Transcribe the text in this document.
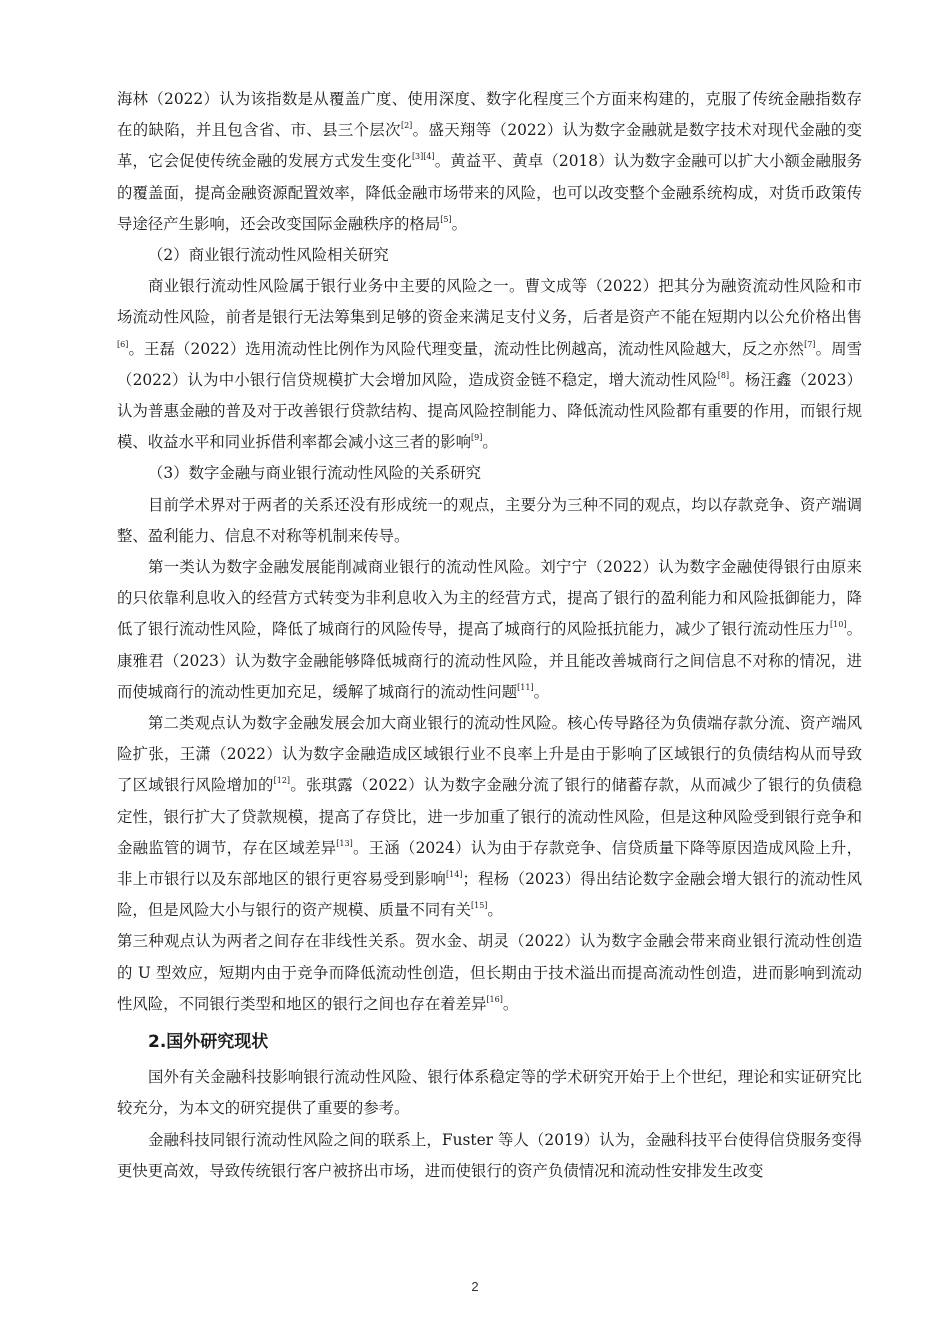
海林（2022）认为该指数是从覆盖广度、使用深度、数字化程度三个方面来构建的，克服了传统金融指数存在的缺陷，并且包含省、市、县三个层次[2]。盛天翔等（2022）认为数字金融就是数字技术对现代金融的变革，它会促使传统金融的发展方式发生变化[3][4]。黄益平、黄卓（2018）认为数字金融可以扩大小额金融服务的覆盖面，提高金融资源配置效率，降低金融市场带来的风险，也可以改变整个金融系统构成，对货币政策传导途径产生影响，还会改变国际金融秩序的格局[5]。

（2）商业银行流动性风险相关研究

商业银行流动性风险属于银行业务中主要的风险之一。曹文成等（2022）把其分为融资流动性风险和市场流动性风险，前者是银行无法筹集到足够的资金来满足支付义务，后者是资产不能在短期内以公允价格出售[6]。王磊（2022）选用流动性比例作为风险代理变量，流动性比例越高，流动性风险越大，反之亦然[7]。周雪（2022）认为中小银行信贷规模扩大会增加风险，造成资金链不稳定，增大流动性风险[8]。杨汪鑫（2023）认为普惠金融的普及对于改善银行贷款结构、提高风险控制能力、降低流动性风险都有重要的作用，而银行规模、收益水平和同业拆借利率都会减小这三者的影响[9]。

（3）数字金融与商业银行流动性风险的关系研究

目前学术界对于两者的关系还没有形成统一的观点，主要分为三种不同的观点，均以存款竞争、资产端调整、盈利能力、信息不对称等机制来传导。

第一类认为数字金融发展能削减商业银行的流动性风险。刘宁宁（2022）认为数字金融使得银行由原来的只依靠利息收入的经营方式转变为非利息收入为主的经营方式，提高了银行的盈利能力和风险抵御能力，降低了银行流动性风险，降低了城商行的风险传导，提高了城商行的风险抵抗能力，减少了银行流动性压力[10]。康雅君（2023）认为数字金融能够降低城商行的流动性风险，并且能改善城商行之间信息不对称的情况，进而使城商行的流动性更加充足，缓解了城商行的流动性问题[11]。

第二类观点认为数字金融发展会加大商业银行的流动性风险。核心传导路径为负债端存款分流、资产端风险扩张，王潇（2022）认为数字金融造成区域银行业不良率上升是由于影响了区域银行的负债结构从而导致了区域银行风险增加的[12]。张琪露（2022）认为数字金融分流了银行的储蓄存款，从而减少了银行的负债稳定性，银行扩大了贷款规模，提高了存贷比，进一步加重了银行的流动性风险，但是这种风险受到银行竞争和金融监管的调节，存在区域差异[13]。王涵（2024）认为由于存款竞争、信贷质量下降等原因造成风险上升，非上市银行以及东部地区的银行更容易受到影响[14]；程杨（2023）得出结论数字金融会增大银行的流动性风险，但是风险大小与银行的资产规模、质量不同有关[15]。

第三种观点认为两者之间存在非线性关系。贺水金、胡灵（2022）认为数字金融会带来商业银行流动性创造的 U 型效应，短期内由于竞争而降低流动性创造，但长期由于技术溢出而提高流动性创造，进而影响到流动性风险，不同银行类型和地区的银行之间也存在着差异[16]。

2.国外研究现状

国外有关金融科技影响银行流动性风险、银行体系稳定等的学术研究开始于上个世纪，理论和实证研究比较充分，为本文的研究提供了重要的参考。

金融科技同银行流动性风险之间的联系上，Fuster 等人（2019）认为，金融科技平台使得信贷服务变得更快更高效，导致传统银行客户被挤出市场，进而使银行的资产负债情况和流动性安排发生改变

2
